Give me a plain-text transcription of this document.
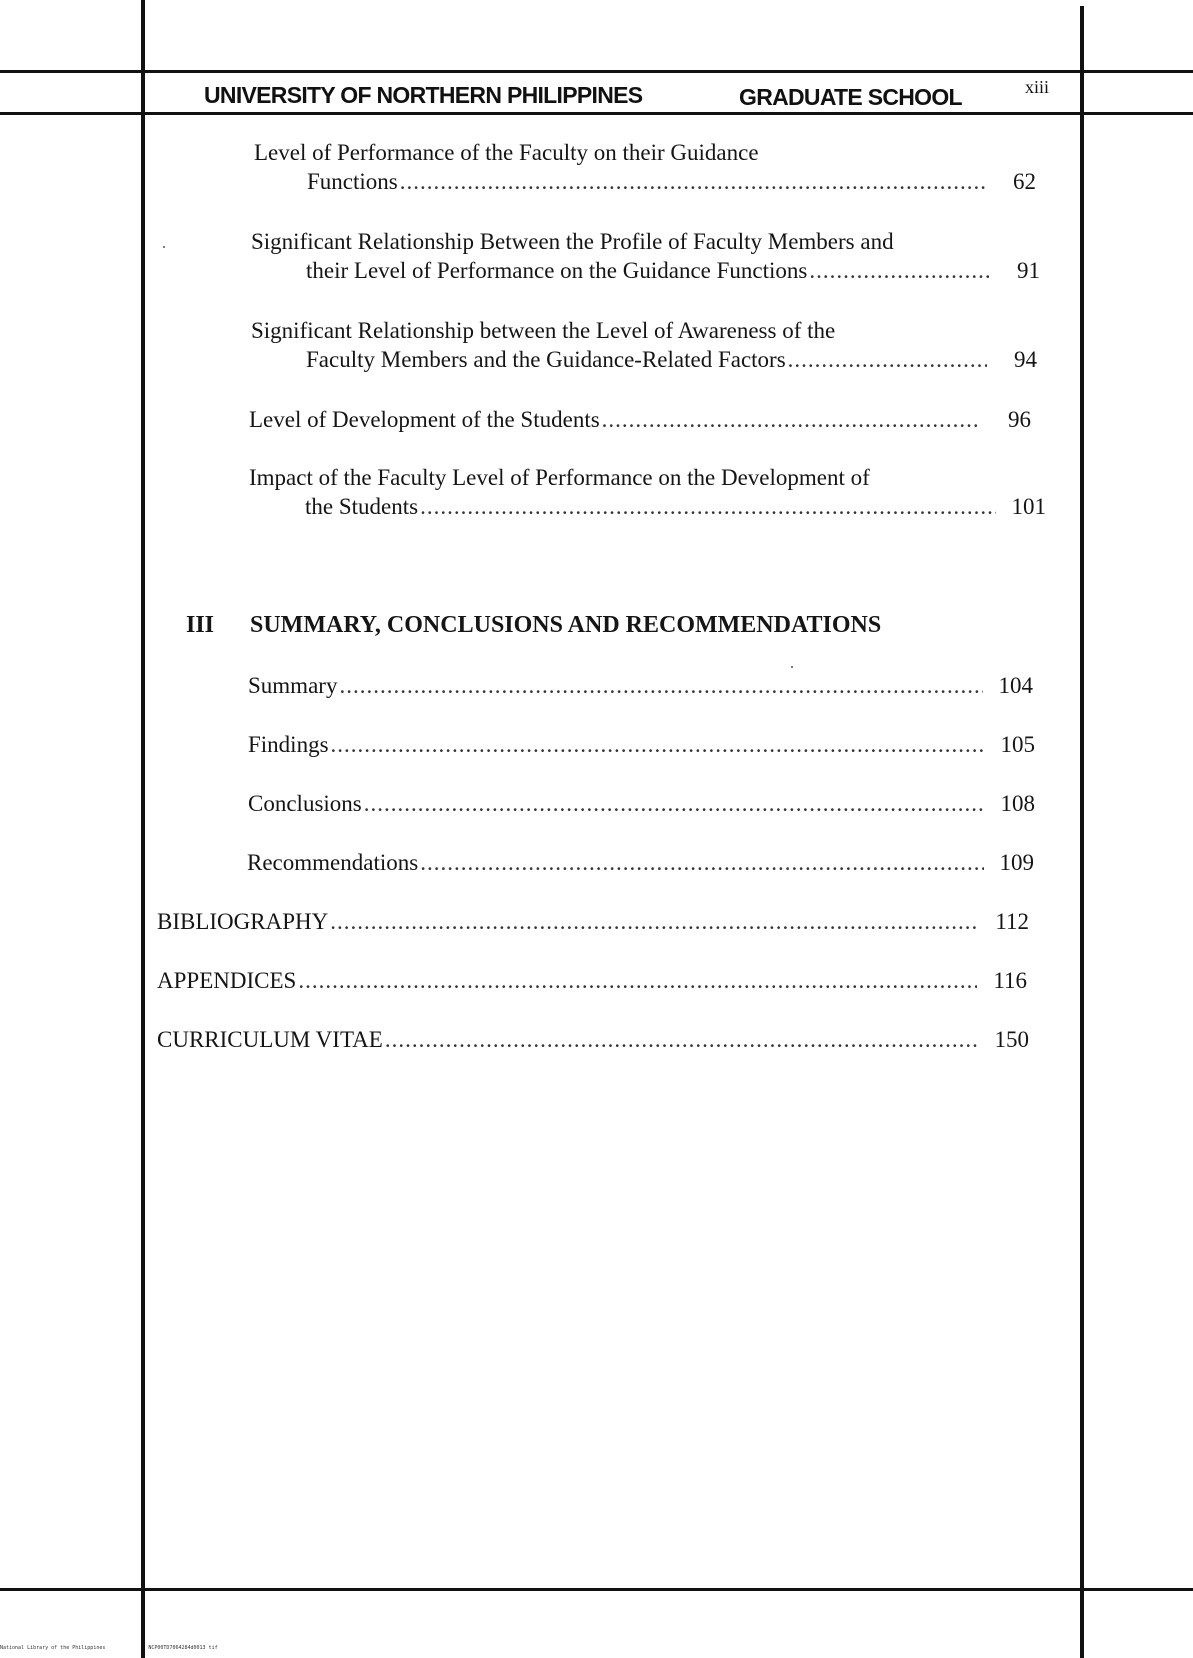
UNIVERSITY OF NORTHERN PHILIPPINES	GRADUATE SCHOOL	xiii
Level of Performance of the Faculty on their Guidance
Functions .....	62
Significant Relationship Between the Profile of Faculty Members and
their Level of Performance on the Guidance Functions .....	91
Significant Relationship between the Level of Awareness of the
Faculty Members and the Guidance-Related Factors .....	94
Level of Development of the Students .....	96
Impact of the Faculty Level of Performance on the Development of
the Students .....	101
III SUMMARY, CONCLUSIONS AND RECOMMENDATIONS
Summary .....	104
Findings .....	105
Conclusions .....	108
Recommendations .....	109
BIBLIOGRAPHY .....	112
APPENDICES .....	116
CURRICULUM VITAE .....	150
National Library of the Philippines	NCP00TD7064284d0013 tif
